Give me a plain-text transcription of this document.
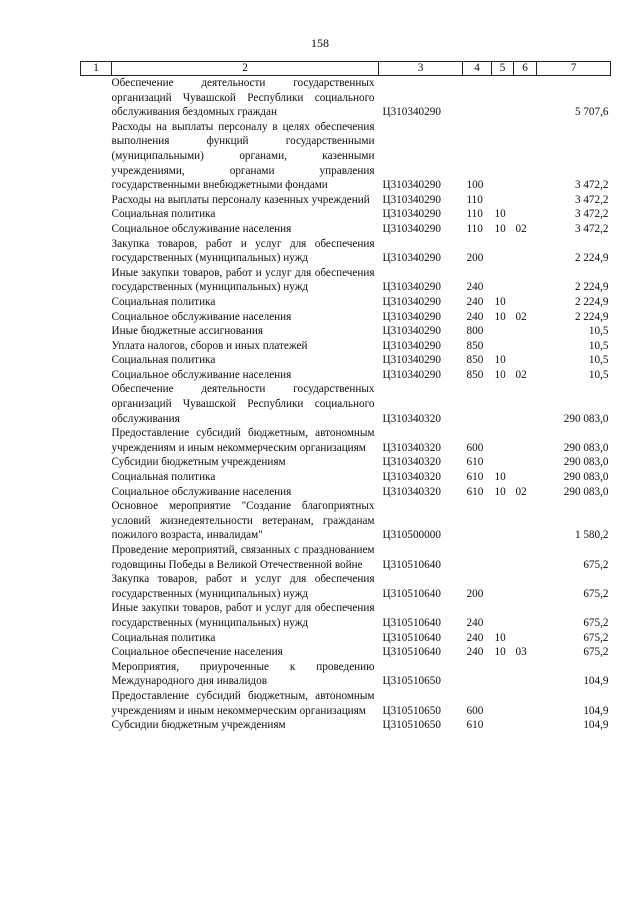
158
1	2	3	4	5	6	7
	Обеспечение деятельности государственных организаций Чувашской Республики социального обслуживания бездомных граждан	Ц310340290				5 707,6
	Расходы на выплаты персоналу в целях обеспечения выполнения функций государственными (муниципальными) органами, казенными учреждениями, органами управления государственными внебюджетными фондами	Ц310340290	100			3 472,2
	Расходы на выплаты персоналу казенных учреждений	Ц310340290	110			3 472,2
	Социальная политика	Ц310340290	110	10		3 472,2
	Социальное обслуживание населения	Ц310340290	110	10	02	3 472,2
	Закупка товаров, работ и услуг для обеспечения государственных (муниципальных) нужд	Ц310340290	200			2 224,9
	Иные закупки товаров, работ и услуг для обеспечения государственных (муниципальных) нужд	Ц310340290	240			2 224,9
	Социальная политика	Ц310340290	240	10		2 224,9
	Социальное обслуживание населения	Ц310340290	240	10	02	2 224,9
	Иные бюджетные ассигнования	Ц310340290	800			10,5
	Уплата налогов, сборов и иных платежей	Ц310340290	850			10,5
	Социальная политика	Ц310340290	850	10		10,5
	Социальное обслуживание населения	Ц310340290	850	10	02	10,5
	Обеспечение деятельности государственных организаций Чувашской Республики социального обслуживания	Ц310340320				290 083,0
	Предоставление субсидий бюджетным, автономным учреждениям и иным некоммерческим организациям	Ц310340320	600			290 083,0
	Субсидии бюджетным учреждениям	Ц310340320	610			290 083,0
	Социальная политика	Ц310340320	610	10		290 083,0
	Социальное обслуживание населения	Ц310340320	610	10	02	290 083,0
	Основное мероприятие "Создание благоприятных условий жизнедеятельности ветеранам, гражданам пожилого возраста, инвалидам"	Ц310500000				1 580,2
	Проведение мероприятий, связанных с празднованием годовщины Победы в Великой Отечественной войне	Ц310510640				675,2
	Закупка товаров, работ и услуг для обеспечения государственных (муниципальных) нужд	Ц310510640	200			675,2
	Иные закупки товаров, работ и услуг для обеспечения государственных (муниципальных) нужд	Ц310510640	240			675,2
	Социальная политика	Ц310510640	240	10		675,2
	Социальное обеспечение населения	Ц310510640	240	10	03	675,2
	Мероприятия, приуроченные к проведению Международного дня инвалидов	Ц310510650				104,9
	Предоставление субсидий бюджетным, автономным учреждениям и иным некоммерческим организациям	Ц310510650	600			104,9
	Субсидии бюджетным учреждениям	Ц310510650	610			104,9
